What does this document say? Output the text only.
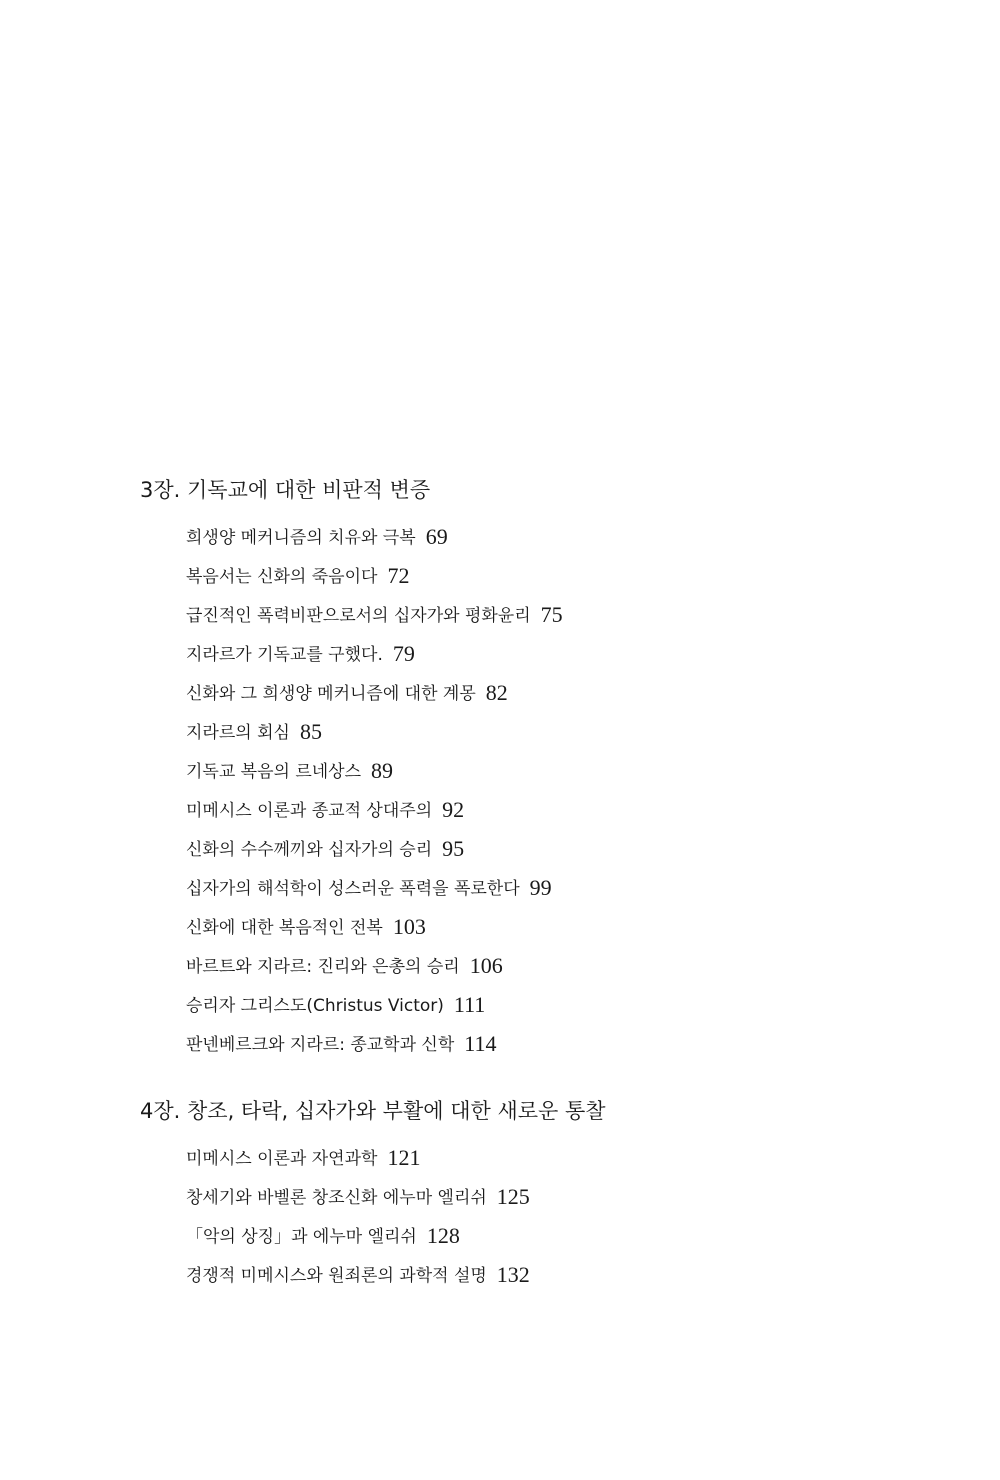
3장. 기독교에 대한 비판적 변증
희생양 메커니즘의 치유와 극복 69
복음서는 신화의 죽음이다 72
급진적인 폭력비판으로서의 십자가와 평화윤리 75
지라르가 기독교를 구했다. 79
신화와 그 희생양 메커니즘에 대한 계몽 82
지라르의 회심 85
기독교 복음의 르네상스 89
미메시스 이론과 종교적 상대주의 92
신화의 수수께끼와 십자가의 승리 95
십자가의 해석학이 성스러운 폭력을 폭로한다 99
신화에 대한 복음적인 전복 103
바르트와 지라르: 진리와 은총의 승리 106
승리자 그리스도(Christus Victor) 111
판넨베르크와 지라르: 종교학과 신학 114
4장. 창조, 타락, 십자가와 부활에 대한 새로운 통찰
미메시스 이론과 자연과학 121
창세기와 바벨론 창조신화 에누마 엘리쉬 125
「악의 상징」과 에누마 엘리쉬 128
경쟁적 미메시스와 원죄론의 과학적 설명 132
